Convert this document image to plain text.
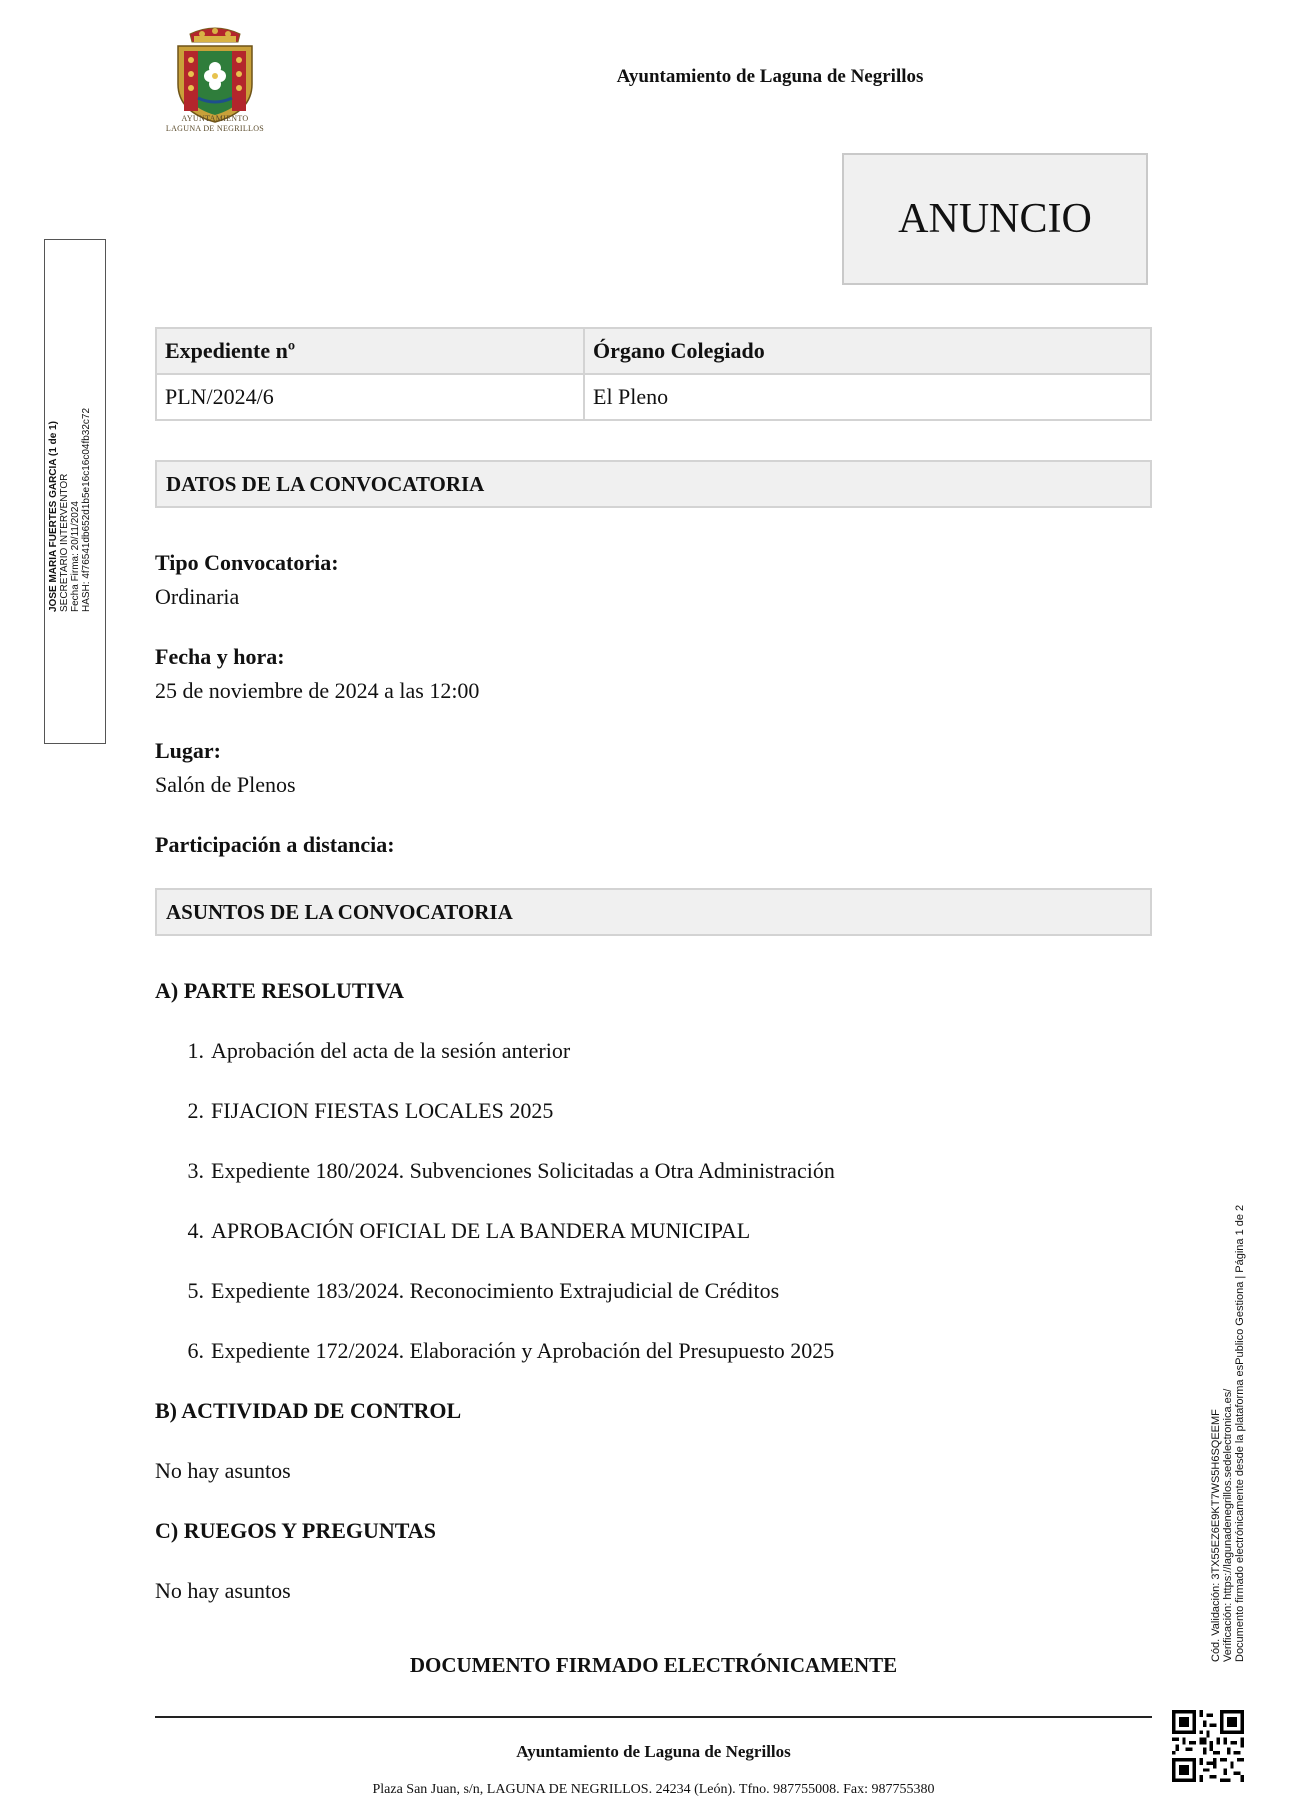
AYUNTAMIENTO
LAGUNA DE NEGRILLOS
Ayuntamiento de Laguna de Negrillos
ANUNCIO
JOSE MARIA FUERTES GARCIA (1 de 1) SECRETARIO INTERVENTOR Fecha Firma: 20/11/2024 HASH: 4f76541db652d1b5e16c16c04fb32c72
Expediente nº	Órgano Colegiado
PLN/2024/6	El Pleno
DATOS DE LA CONVOCATORIA
Tipo Convocatoria:
Ordinaria
Fecha y hora:
25 de noviembre de 2024 a las 12:00
Lugar:
Salón de Plenos
Participación a distancia:
ASUNTOS DE LA CONVOCATORIA
A) PARTE RESOLUTIVA
1. Aprobación del acta de la sesión anterior
2. FIJACION FIESTAS LOCALES 2025
3. Expediente 180/2024. Subvenciones Solicitadas a Otra Administración
4. APROBACIÓN OFICIAL DE LA BANDERA MUNICIPAL
5. Expediente 183/2024. Reconocimiento Extrajudicial de Créditos
6. Expediente 172/2024. Elaboración y Aprobación del Presupuesto 2025
B) ACTIVIDAD DE CONTROL
No hay asuntos
C) RUEGOS Y PREGUNTAS
No hay asuntos
DOCUMENTO FIRMADO ELECTRÓNICAMENTE
Ayuntamiento de Laguna de Negrillos
Plaza San Juan, s/n, LAGUNA DE NEGRILLOS. 24234 (León). Tfno. 987755008. Fax: 987755380
Cód. Validación: 3TX55EZ6E9KT7WS5H6SQEEMF Verificación: https://lagunadenegrillos.sedelectronica.es/ Documento firmado electrónicamente desde la plataforma esPublico Gestiona | Página 1 de 2
